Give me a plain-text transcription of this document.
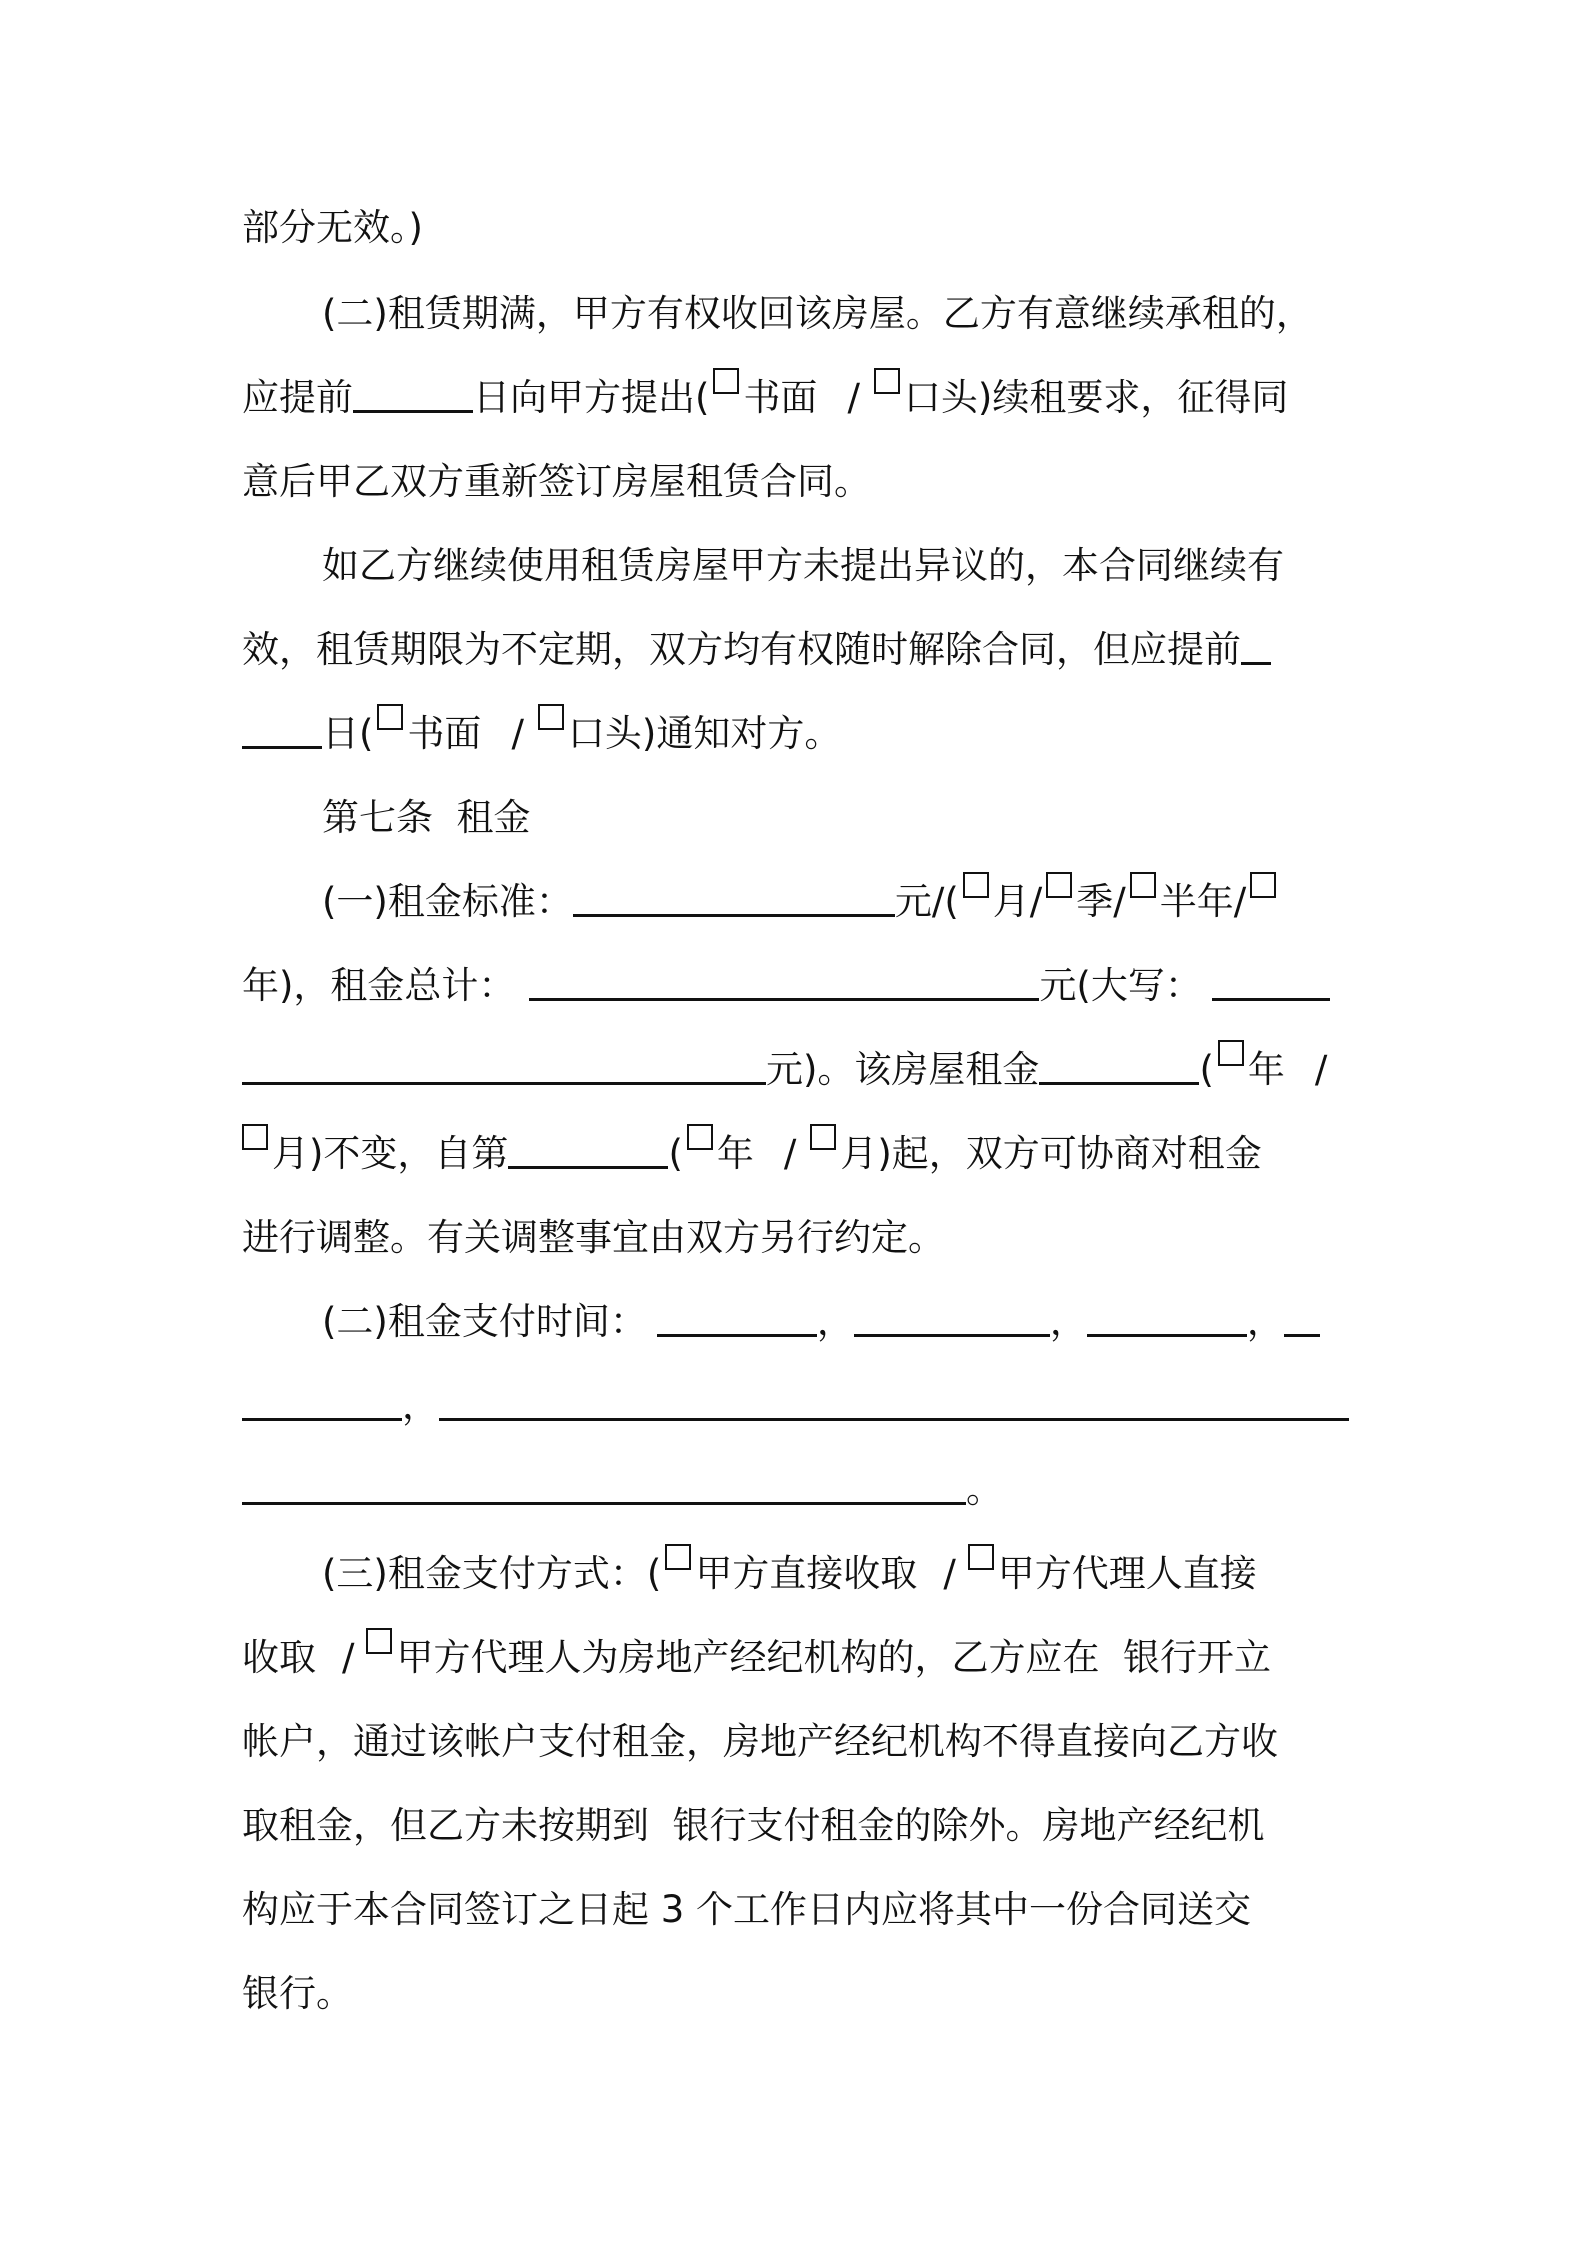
部分无效。)
(二)租赁期满，甲方有权收回该房屋。乙方有意继续承租的，
应提前	日向甲方提出( 书面 / 口头)续租要求，征得同
意后甲乙双方重新签订房屋租赁合同。
如乙方继续使用租赁房屋甲方未提出异议的，本合同继续有
效，租赁期限为不定期，双方均有权随时解除合同，但应提前
日( 书面 / 口头)通知对方。
第七条  租金
(一)租金标准：	元/( 月/ 季/ 半年/
年)，租金总计：	元(大写：
元)。该房屋租金	( 年 /
月)不变，自第	( 年 / 月)起，双方可协商对租金
进行调整。有关调整事宜由双方另行约定。
(二)租金支付时间：	，	，	，
，
。
(三)租金支付方式：( 甲方直接收取 / 甲方代理人直接
收取 / 甲方代理人为房地产经纪机构的，乙方应在  银行开立
帐户，通过该帐户支付租金，房地产经纪机构不得直接向乙方收
取租金，但乙方未按期到  银行支付租金的除外。房地产经纪机
构应于本合同签订之日起 3 个工作日内应将其中一份合同送交
银行。
